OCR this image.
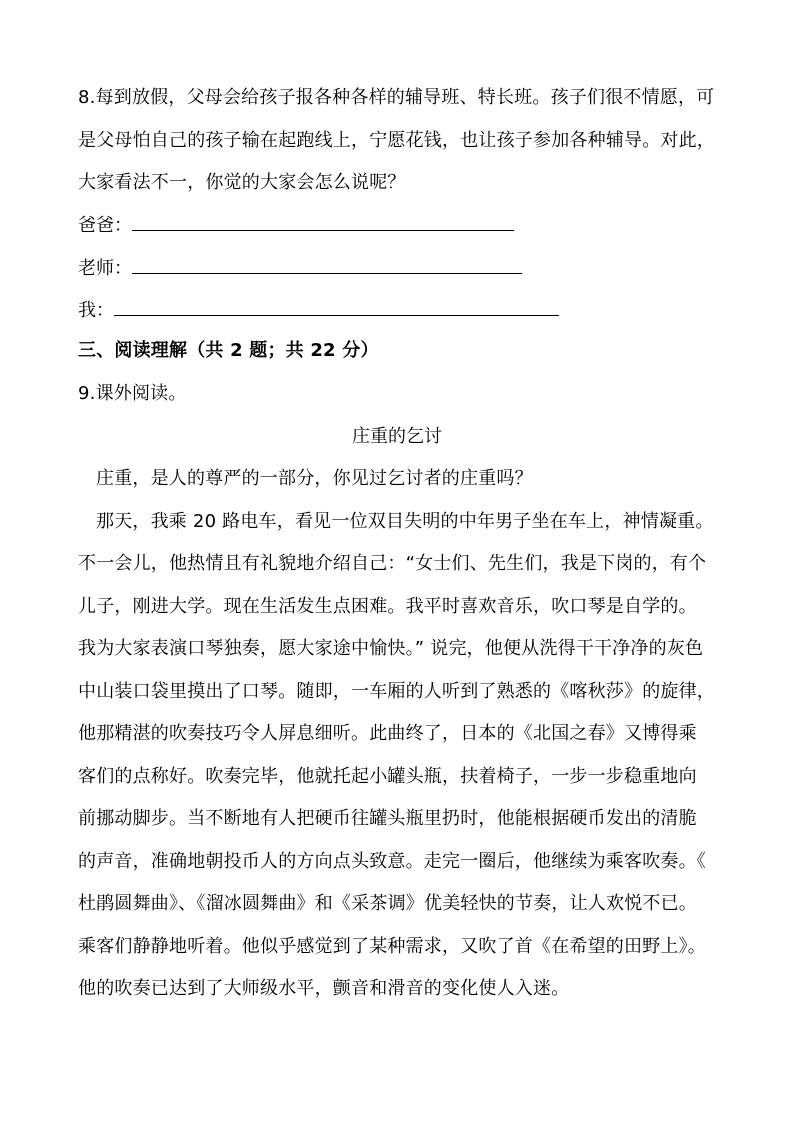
8.每到放假，父母会给孩子报各种各样的辅导班、特长班。孩子们很不情愿，可
是父母怕自己的孩子输在起跑线上，宁愿花钱，也让孩子参加各种辅导。对此，
大家看法不一，你觉的大家会怎么说呢？
爸爸：
老师：
我：
三、阅读理解（共 2 题；共 22 分）
9.课外阅读。
庄重的乞讨
庄重，是人的尊严的一部分，你见过乞讨者的庄重吗？
那天，我乘 20 路电车，看见一位双目失明的中年男子坐在车上，神情凝重。
不一会儿，他热情且有礼貌地介绍自己：“女士们、先生们，我是下岗的，有个
儿子，刚进大学。现在生活发生点困难。我平时喜欢音乐，吹口琴是自学的。
我为大家表演口琴独奏，愿大家途中愉快。” 说完，他便从洗得干干净净的灰色
中山装口袋里摸出了口琴。随即，一车厢的人听到了熟悉的《喀秋莎》的旋律，
他那精湛的吹奏技巧令人屏息细听。此曲终了，日本的《北国之春》又博得乘
客们的点称好。吹奏完毕，他就托起小罐头瓶，扶着椅子，一步一步稳重地向
前挪动脚步。当不断地有人把硬币往罐头瓶里扔时，他能根据硬币发出的清脆
的声音，准确地朝投币人的方向点头致意。走完一圈后，他继续为乘客吹奏。《
杜鹃圆舞曲》、《溜冰圆舞曲》和《采茶调》优美轻快的节奏，让人欢悦不已。
乘客们静静地听着。他似乎感觉到了某种需求，又吹了首《在希望的田野上》。
他的吹奏已达到了大师级水平，颤音和滑音的变化使人入迷。
